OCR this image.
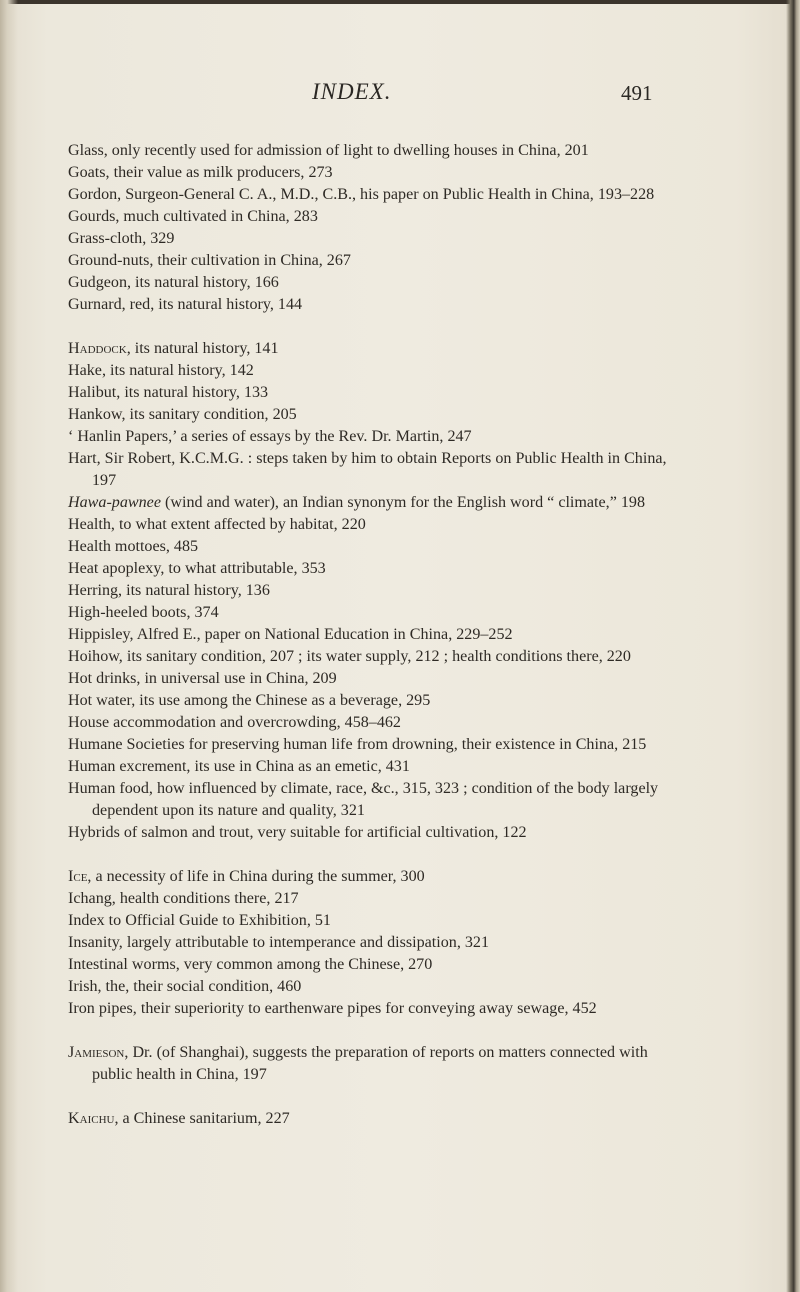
INDEX.	491

Glass, only recently used for admission of light to dwelling houses in China, 201

Goats, their value as milk producers, 273

Gordon, Surgeon-General C. A., M.D., C.B., his paper on Public Health in China, 193–228

Gourds, much cultivated in China, 283

Grass-cloth, 329

Ground-nuts, their cultivation in China, 267

Gudgeon, its natural history, 166

Gurnard, red, its natural history, 144

Haddock, its natural history, 141

Hake, its natural history, 142

Halibut, its natural history, 133

Hankow, its sanitary condition, 205

‘ Hanlin Papers,’ a series of essays by the Rev. Dr. Martin, 247

Hart, Sir Robert, K.C.M.G. : steps taken by him to obtain Reports on Public Health in China, 197

Hawa-pawnee (wind and water), an Indian synonym for the English word “ climate,” 198

Health, to what extent affected by habitat, 220

Health mottoes, 485

Heat apoplexy, to what attributable, 353

Herring, its natural history, 136

High-heeled boots, 374

Hippisley, Alfred E., paper on National Education in China, 229–252

Hoihow, its sanitary condition, 207 ; its water supply, 212 ; health conditions there, 220

Hot drinks, in universal use in China, 209

Hot water, its use among the Chinese as a beverage, 295

House accommodation and overcrowding, 458–462

Humane Societies for preserving human life from drowning, their existence in China, 215

Human excrement, its use in China as an emetic, 431

Human food, how influenced by climate, race, &c., 315, 323 ; condition of the body largely dependent upon its nature and quality, 321

Hybrids of salmon and trout, very suitable for artificial cultivation, 122

Ice, a necessity of life in China during the summer, 300

Ichang, health conditions there, 217

Index to Official Guide to Exhibition, 51

Insanity, largely attributable to intemperance and dissipation, 321

Intestinal worms, very common among the Chinese, 270

Irish, the, their social condition, 460

Iron pipes, their superiority to earthenware pipes for conveying away sewage, 452

Jamieson, Dr. (of Shanghai), suggests the preparation of reports on matters connected with public health in China, 197

Kaichu, a Chinese sanitarium, 227
